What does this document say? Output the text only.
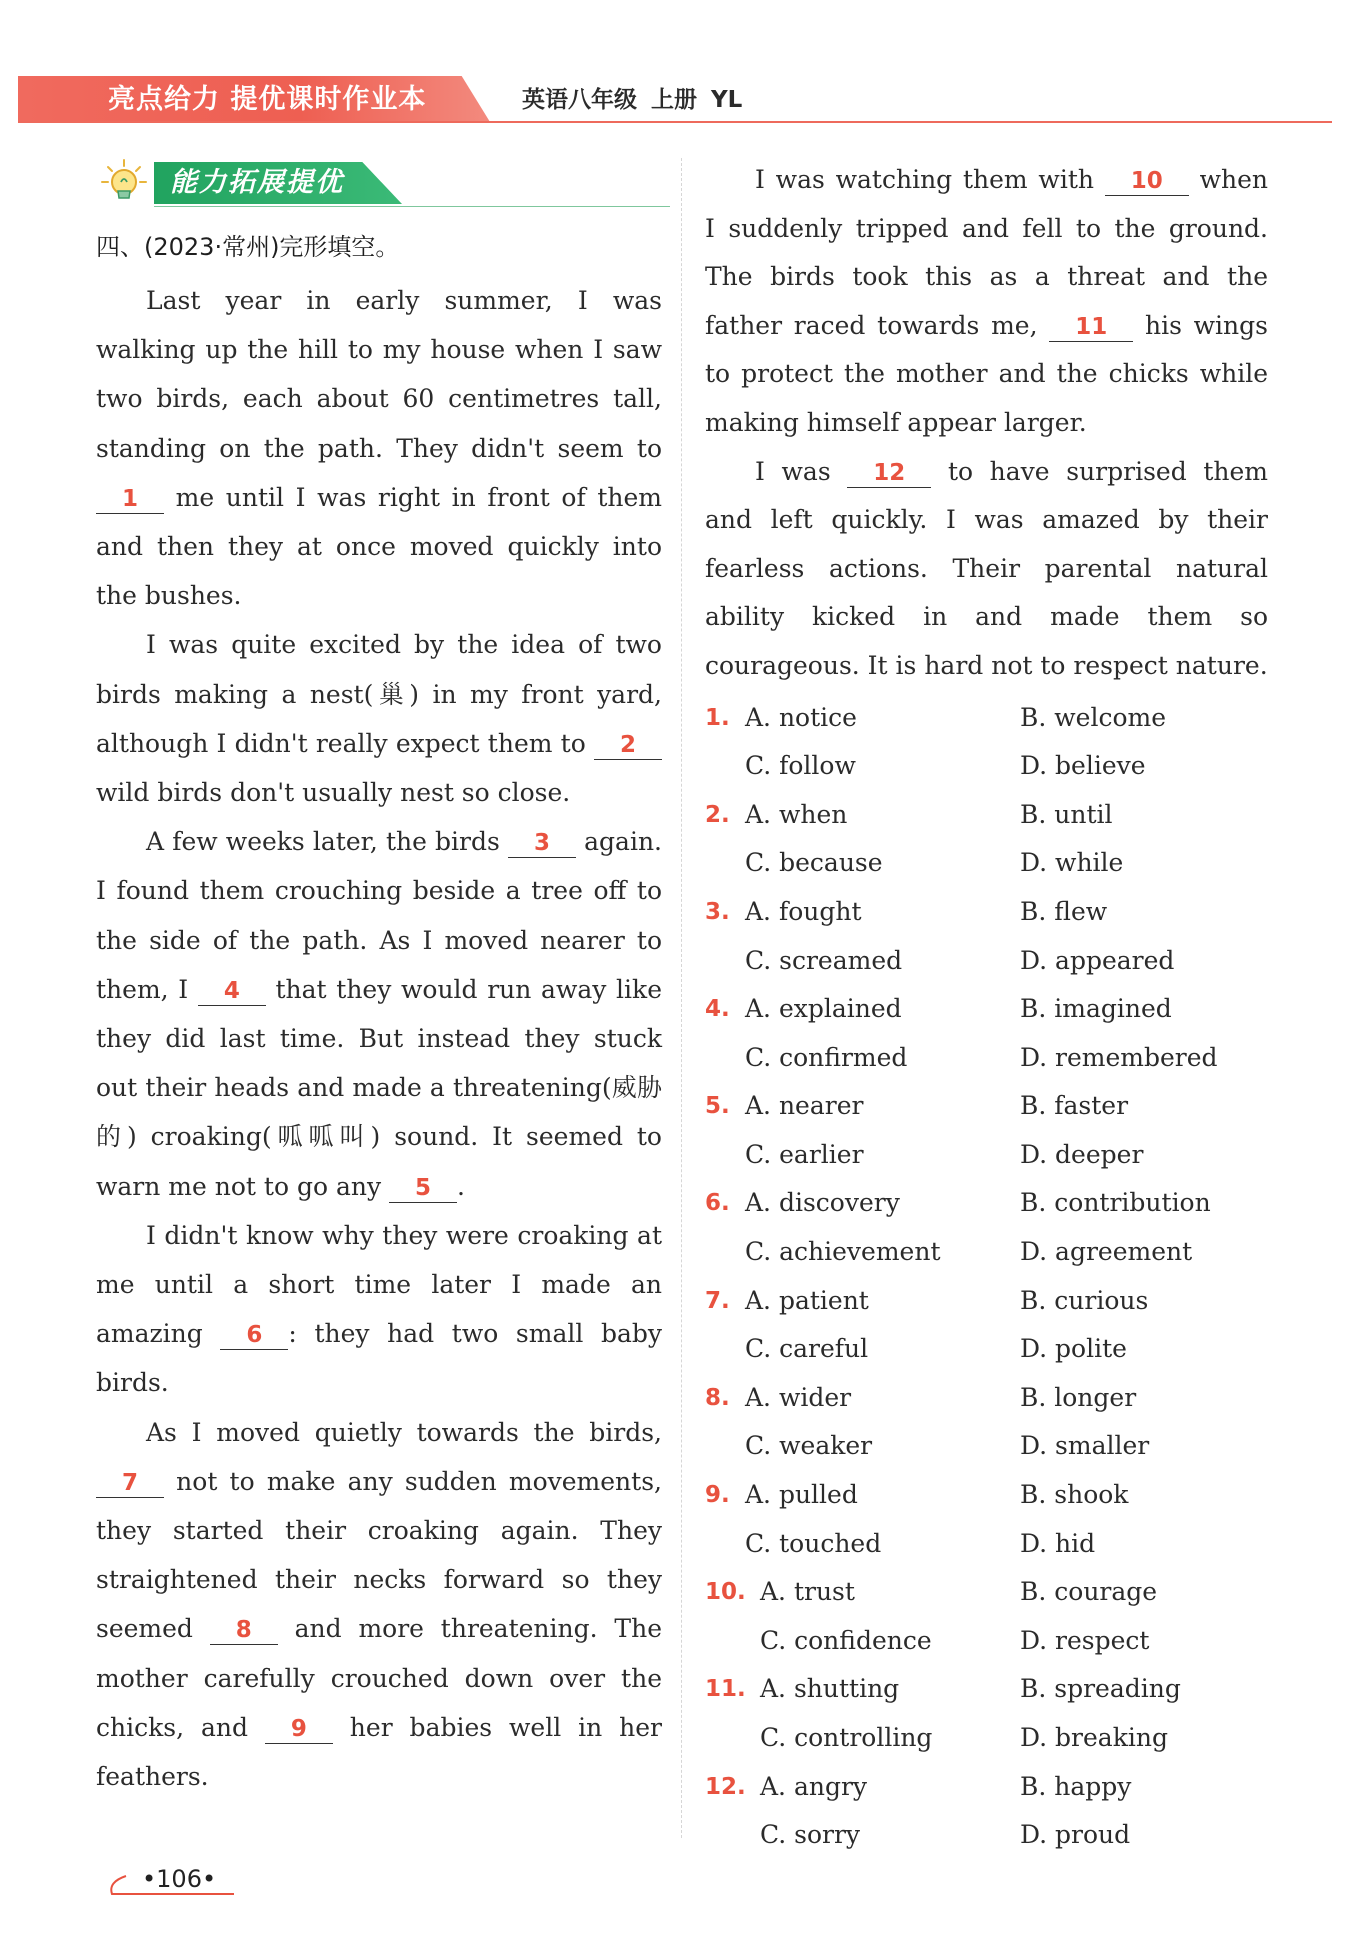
亮点给力 提优课时作业本	英语八年级 上册 YL
能力拓展提优
四、(2023·常州)完形填空。

Last year in early summer, I was walking up the hill to my house when I saw two birds, each about 60 centimetres tall, standing on the path. They didn't seem to 1 me until I was right in front of them and then they at once moved quickly into the bushes.

I was quite excited by the idea of two birds making a nest(巢) in my front yard, although I didn't really expect them to 2 wild birds don't usually nest so close.

A few weeks later, the birds 3 again. I found them crouching beside a tree off to the side of the path. As I moved nearer to them, I 4 that they would run away like they did last time. But instead they stuck out their heads and made a threatening(威胁的) croaking(呱呱叫) sound. It seemed to warn me not to go any 5 .

I didn't know why they were croaking at me until a short time later I made an amazing 6 : they had two small baby birds.

As I moved quietly towards the birds, 7 not to make any sudden movements, they started their croaking again. They straightened their necks forward so they seemed 8 and more threatening. The mother carefully crouched down over the chicks, and 9 her babies well in her feathers.

I was watching them with 10 when I suddenly tripped and fell to the ground. The birds took this as a threat and the father raced towards me, 11 his wings to protect the mother and the chicks while making himself appear larger.

I was 12 to have surprised them and left quickly. I was amazed by their fearless actions. Their parental natural ability kicked in and made them so courageous. It is hard not to respect nature.

1. A. notice	B. welcome
C. follow	D. believe
2. A. when	B. until
C. because	D. while
3. A. fought	B. flew
C. screamed	D. appeared
4. A. explained	B. imagined
C. confirmed	D. remembered
5. A. nearer	B. faster
C. earlier	D. deeper
6. A. discovery	B. contribution
C. achievement	D. agreement
7. A. patient	B. curious
C. careful	D. polite
8. A. wider	B. longer
C. weaker	D. smaller
9. A. pulled	B. shook
C. touched	D. hid
10. A. trust	B. courage
C. confidence	D. respect
11. A. shutting	B. spreading
C. controlling	D. breaking
12. A. angry	B. happy
C. sorry	D. proud
•106•
